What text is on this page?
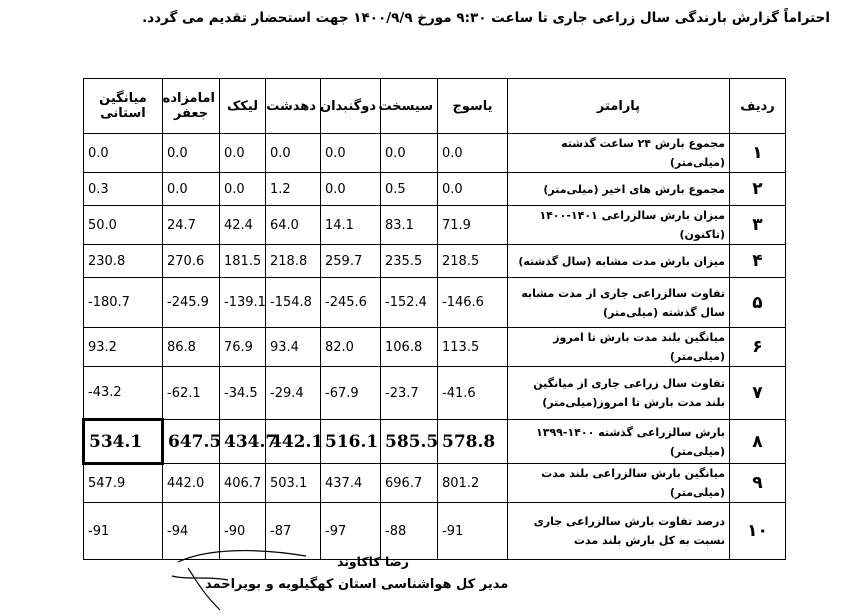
احتراماً گزارش بارندگی سال زراعی جاری تا ساعت ۹:۳۰ مورخ ۱۴۰۰/۹/۹ جهت استحضار تقدیم می گردد.
ردیف	پارامتر	یاسوج	سیسخت	دوگنبدان	دهدشت	لیکک	امامزاده جعفر	میانگین استانی
۱	مجموع بارش ۲۴ ساعت گذشته (میلی‌متر)	0.0	0.0	0.0	0.0	0.0	0.0	0.0
۲	مجموع بارش های اخیر (میلی‌متر)	0.0	0.5	0.0	1.2	0.0	0.0	0.3
۳	میزان بارش سالزراعی ۱۴۰۱-۱۴۰۰ (تاکنون)	71.9	83.1	14.1	64.0	42.4	24.7	50.0
۴	میزان بارش مدت مشابه (سال گذشته)	218.5	235.5	259.7	218.8	181.5	270.6	230.8
۵	تفاوت سالزراعی جاری از مدت مشابه سال گذشته (میلی‌متر)	-146.6	-152.4	-245.6	-154.8	-139.1	-245.9	-180.7
۶	میانگین بلند مدت بارش تا امروز (میلی‌متر)	113.5	106.8	82.0	93.4	76.9	86.8	93.2
۷	تفاوت سال زراعی جاری از میانگین بلند مدت بارش تا امروز(میلی‌متر)	-41.6	-23.7	-67.9	-29.4	-34.5	-62.1	-43.2
۸	بارش سالزراعی گذشته ۱۴۰۰-۱۳۹۹ (میلی‌متر)	578.8	585.5	516.1	442.1	434.7	647.5	534.1
۹	میانگین بارش سالزراعی بلند مدت (میلی‌متر)	801.2	696.7	437.4	503.1	406.7	442.0	547.9
۱۰	درصد تفاوت بارش سالزراعی جاری نسبت به کل بارش بلند مدت	-91	-88	-97	-87	-90	-94	-91
رضا کاکاوند
مدیر کل هواشناسی استان کهگیلویه و بویراحمد
